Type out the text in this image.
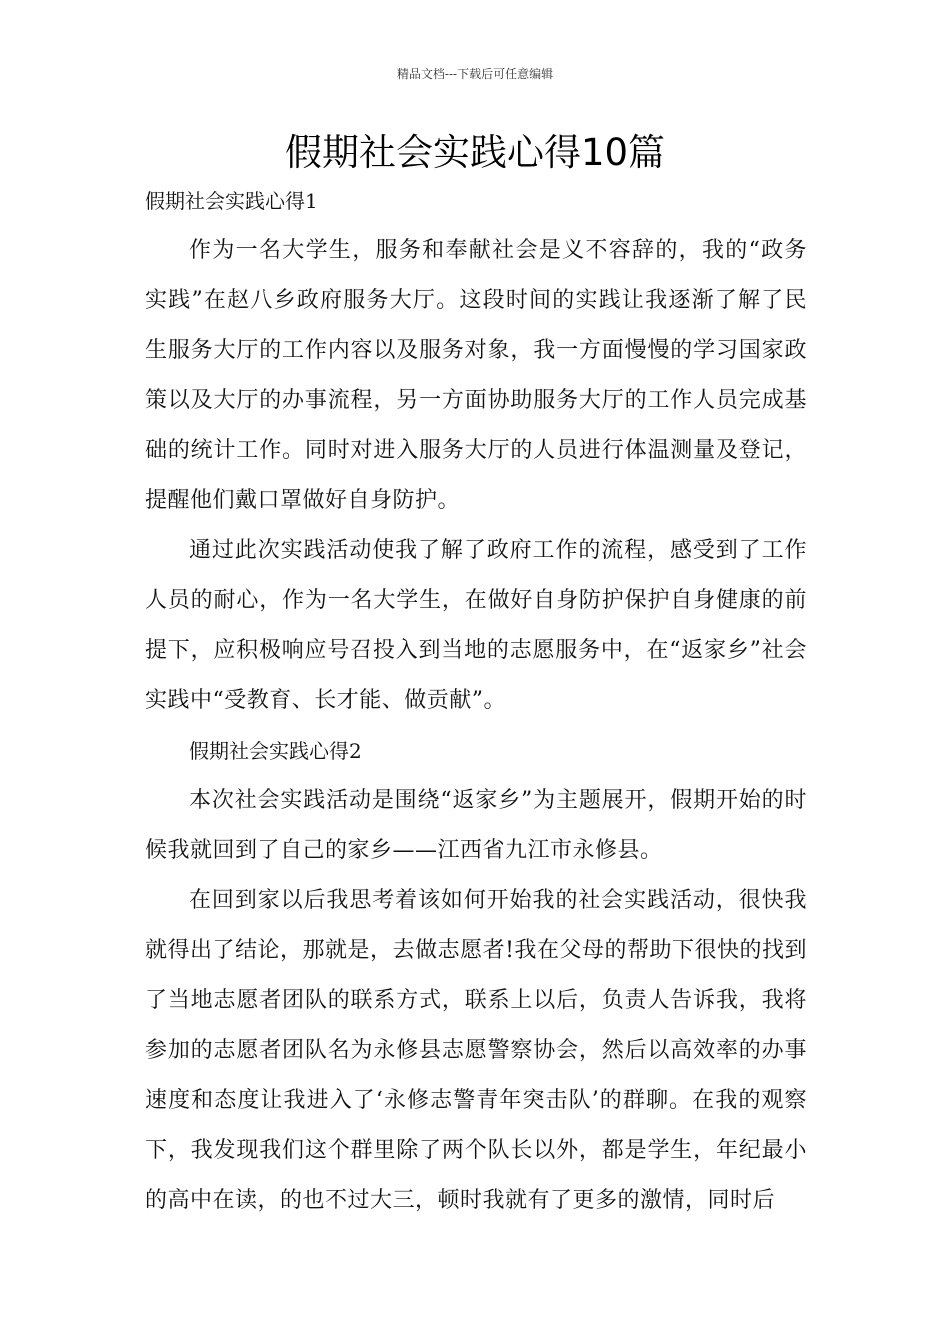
精品文档---下载后可任意编辑
假期社会实践心得10篇
假期社会实践心得1

作为一名大学生，服务和奉献社会是义不容辞的，我的“政务实践”在赵八乡政府服务大厅。这段时间的实践让我逐渐了解了民生服务大厅的工作内容以及服务对象，我一方面慢慢的学习国家政策以及大厅的办事流程，另一方面协助服务大厅的工作人员完成基础的统计工作。同时对进入服务大厅的人员进行体温测量及登记，提醒他们戴口罩做好自身防护。

通过此次实践活动使我了解了政府工作的流程，感受到了工作人员的耐心，作为一名大学生，在做好自身防护保护自身健康的前提下，应积极响应号召投入到当地的志愿服务中，在“返家乡”社会实践中“受教育、长才能、做贡献”。

假期社会实践心得2

本次社会实践活动是围绕“返家乡”为主题展开，假期开始的时候我就回到了自己的家乡——江西省九江市永修县。

在回到家以后我思考着该如何开始我的社会实践活动，很快我就得出了结论，那就是，去做志愿者!我在父母的帮助下很快的找到了当地志愿者团队的联系方式，联系上以后，负责人告诉我，我将参加的志愿者团队名为永修县志愿警察协会，然后以高效率的办事速度和态度让我进入了‘永修志警青年突击队’的群聊。在我的观察下，我发现我们这个群里除了两个队长以外，都是学生，年纪最小的高中在读，的也不过大三，顿时我就有了更多的激情，同时后
